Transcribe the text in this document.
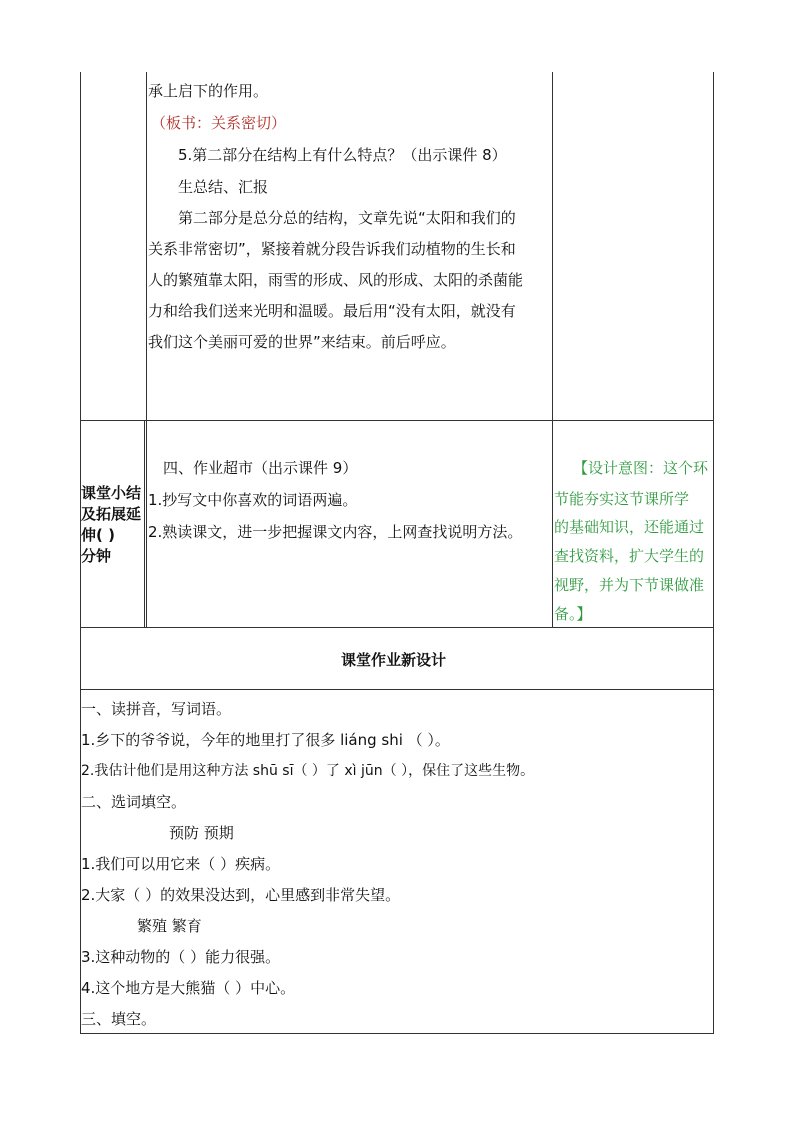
承上启下的作用。
（板书：关系密切）
5.第二部分在结构上有什么特点？（出示课件 8）
生总结、汇报
第二部分是总分总的结构，文章先说“太阳和我们的
关系非常密切”，紧接着就分段告诉我们动植物的生长和
人的繁殖靠太阳，雨雪的形成、风的形成、太阳的杀菌能
力和给我们送来光明和温暖。最后用“没有太阳，就没有
我们这个美丽可爱的世界”来结束。前后呼应。
课堂小结
及拓展延
伸( )
分钟
四、作业超市（出示课件 9）
1.抄写文中你喜欢的词语两遍。
2.熟读课文，进一步把握课文内容，上网查找说明方法。
【设计意图：这个环
节能夯实这节课所学
的基础知识，还能通过
查找资料，扩大学生的
视野，并为下节课做准
备。】
课堂作业新设计
一、读拼音，写词语。
1.乡下的爷爷说，今年的地里打了很多 liáng shi （ ）。
2.我估计他们是用这种方法 shū sī（ ）了 xì jūn（ ），保住了这些生物。
二、选词填空。
预防 预期
1.我们可以用它来（ ）疾病。
2.大家（ ）的效果没达到，心里感到非常失望。
繁殖 繁育
3.这种动物的（ ）能力很强。
4.这个地方是大熊猫（ ）中心。
三、填空。
